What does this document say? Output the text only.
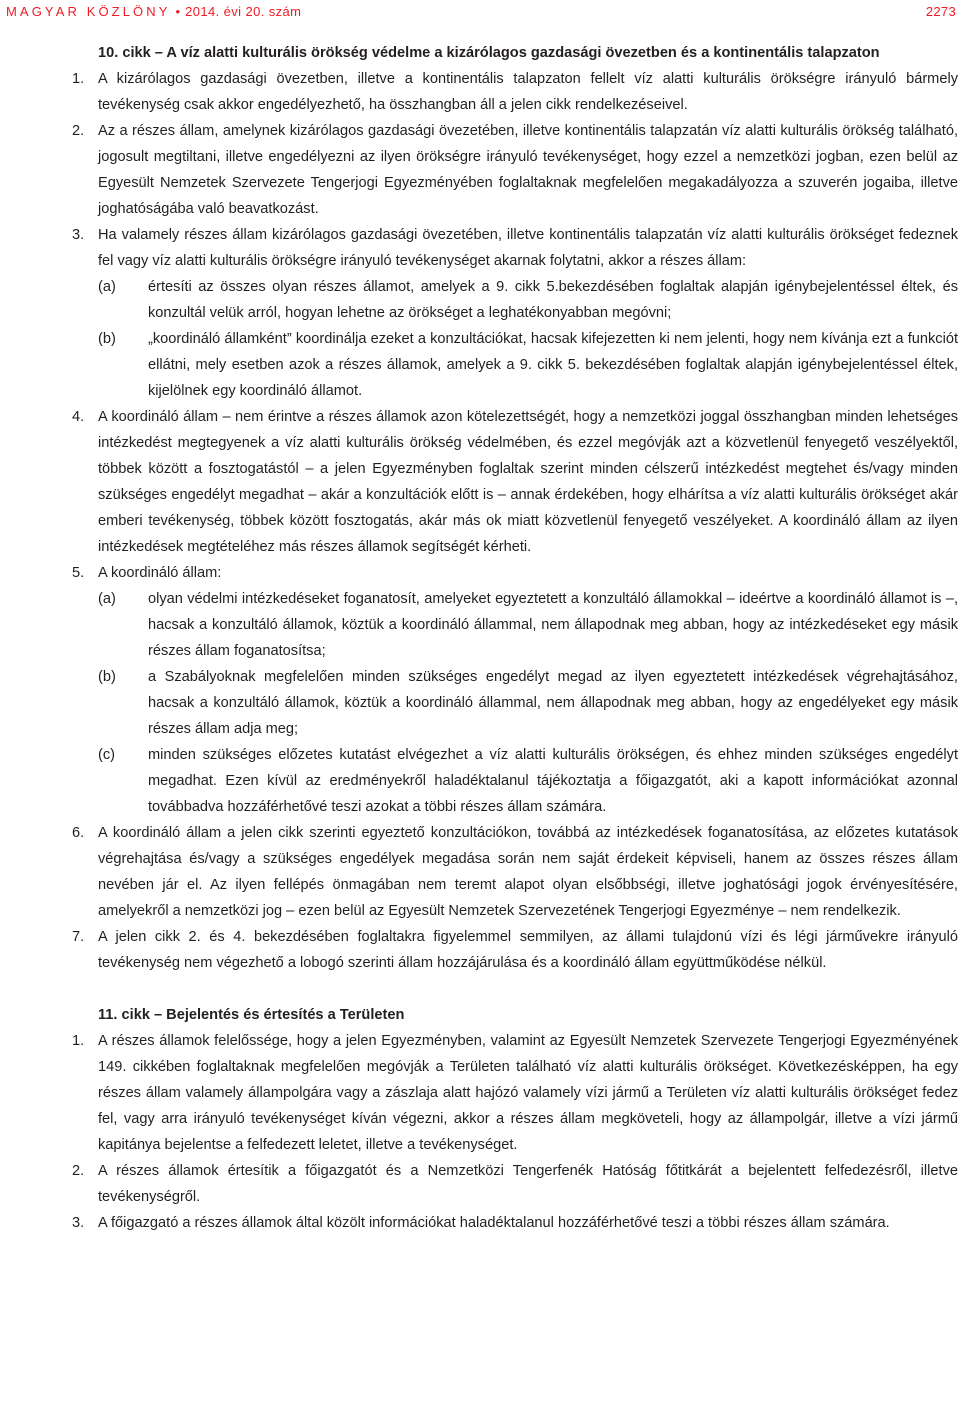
MAGYAR KÖZLÖNY • 2014. évi 20. szám	2273
10. cikk – A víz alatti kulturális örökség védelme a kizárólagos gazdasági övezetben és a kontinentális talapzaton
1. A kizárólagos gazdasági övezetben, illetve a kontinentális talapzaton fellelt víz alatti kulturális örökségre irányuló bármely tevékenység csak akkor engedélyezhető, ha összhangban áll a jelen cikk rendelkezéseivel.
2. Az a részes állam, amelynek kizárólagos gazdasági övezetében, illetve kontinentális talapzatán víz alatti kulturális örökség található, jogosult megtiltani, illetve engedélyezni az ilyen örökségre irányuló tevékenységet, hogy ezzel a nemzetközi jogban, ezen belül az Egyesült Nemzetek Szervezete Tengerjogi Egyezményében foglaltaknak megfelelően megakadályozza a szuverén jogaiba, illetve joghatóságába való beavatkozást.
3. Ha valamely részes állam kizárólagos gazdasági övezetében, illetve kontinentális talapzatán víz alatti kulturális örökséget fedeznek fel vagy víz alatti kulturális örökségre irányuló tevékenységet akarnak folytatni, akkor a részes állam:
(a) értesíti az összes olyan részes államot, amelyek a 9. cikk 5.bekezdésében foglaltak alapján igénybejelentéssel éltek, és konzultál velük arról, hogyan lehetne az örökséget a leghatékonyabban megóvni;
(b) „koordináló államként” koordinálja ezeket a konzultációkat, hacsak kifejezetten ki nem jelenti, hogy nem kívánja ezt a funkciót ellátni, mely esetben azok a részes államok, amelyek a 9. cikk 5. bekezdésében foglaltak alapján igénybejelentéssel éltek, kijelölnek egy koordináló államot.
4. A koordináló állam – nem érintve a részes államok azon kötelezettségét, hogy a nemzetközi joggal összhangban minden lehetséges intézkedést megtegyenek a víz alatti kulturális örökség védelmében, és ezzel megóvják azt a közvetlenül fenyegető veszélyektől, többek között a fosztogatástól – a jelen Egyezményben foglaltak szerint minden célszerű intézkedést megtehet és/vagy minden szükséges engedélyt megadhat – akár a konzultációk előtt is – annak érdekében, hogy elhárítsa a víz alatti kulturális örökséget akár emberi tevékenység, többek között fosztogatás, akár más ok miatt közvetlenül fenyegető veszélyeket. A koordináló állam az ilyen intézkedések megtételéhez más részes államok segítségét kérheti.
5. A koordináló állam:
(a) olyan védelmi intézkedéseket foganatosít, amelyeket egyeztetett a konzultáló államokkal – ideértve a koordináló államot is –, hacsak a konzultáló államok, köztük a koordináló állammal, nem állapodnak meg abban, hogy az intézkedéseket egy másik részes állam foganatosítsa;
(b) a Szabályoknak megfelelően minden szükséges engedélyt megad az ilyen egyeztetett intézkedések végrehajtásához, hacsak a konzultáló államok, köztük a koordináló állammal, nem állapodnak meg abban, hogy az engedélyeket egy másik részes állam adja meg;
(c) minden szükséges előzetes kutatást elvégezhet a víz alatti kulturális örökségen, és ehhez minden szükséges engedélyt megadhat. Ezen kívül az eredményekről haladéktalanul tájékoztatja a főigazgatót, aki a kapott információkat azonnal továbbadva hozzáférhetővé teszi azokat a többi részes állam számára.
6. A koordináló állam a jelen cikk szerinti egyeztető konzultációkon, továbbá az intézkedések foganatosítása, az előzetes kutatások végrehajtása és/vagy a szükséges engedélyek megadása során nem saját érdekeit képviseli, hanem az összes részes állam nevében jár el. Az ilyen fellépés önmagában nem teremt alapot olyan elsőbbségi, illetve joghatósági jogok érvényesítésére, amelyekről a nemzetközi jog – ezen belül az Egyesült Nemzetek Szervezetének Tengerjogi Egyezménye – nem rendelkezik.
7. A jelen cikk 2. és 4. bekezdésében foglaltakra figyelemmel semmilyen, az állami tulajdonú vízi és légi járművekre irányuló tevékenység nem végezhető a lobogó szerinti állam hozzájárulása és a koordináló állam együttműködése nélkül.
11. cikk – Bejelentés és értesítés a Területen
1. A részes államok felelőssége, hogy a jelen Egyezményben, valamint az Egyesült Nemzetek Szervezete Tengerjogi Egyezményének 149. cikkében foglaltaknak megfelelően megóvják a Területen található víz alatti kulturális örökséget. Következésképpen, ha egy részes állam valamely állampolgára vagy a zászlaja alatt hajózó valamely vízi jármű a Területen víz alatti kulturális örökséget fedez fel, vagy arra irányuló tevékenységet kíván végezni, akkor a részes állam megköveteli, hogy az állampolgár, illetve a vízi jármű kapitánya bejelentse a felfedezett leletet, illetve a tevékenységet.
2. A részes államok értesítik a főigazgatót és a Nemzetközi Tengerfenék Hatóság főtitkárát a bejelentett felfedezésről, illetve tevékenységről.
3. A főigazgató a részes államok által közölt információkat haladéktalanul hozzáférhetővé teszi a többi részes állam számára.
